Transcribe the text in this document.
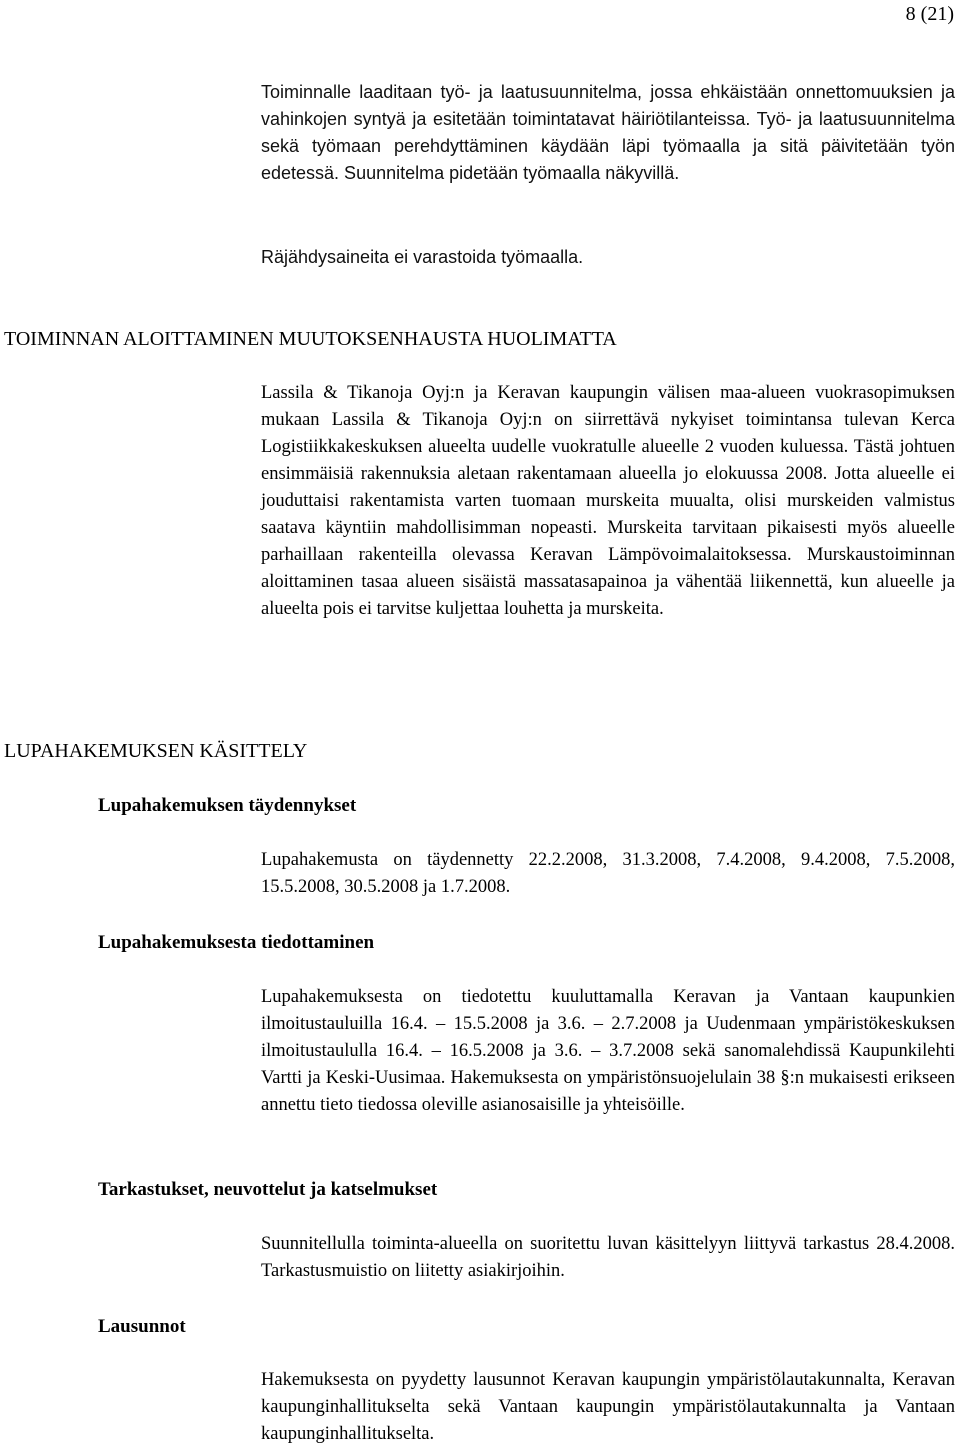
8 (21)

Toiminnalle laaditaan työ- ja laatusuunnitelma, jossa ehkäistään onnettomuuksien ja vahinkojen syntyä ja esitetään toimintatavat häiriötilanteissa. Työ- ja laatusuunnitelma sekä työmaan perehdyttäminen käydään läpi työmaalla ja sitä päivitetään työn edetessä. Suunnitelma pidetään työmaalla näkyvillä.

Räjähdysaineita ei varastoida työmaalla.

TOIMINNAN ALOITTAMINEN MUUTOKSENHAUSTA HUOLIMATTA

Lassila & Tikanoja Oyj:n ja Keravan kaupungin välisen maa-alueen vuokrasopimuksen mukaan Lassila & Tikanoja Oyj:n on siirrettävä nykyiset toimintansa tulevan Kerca Logistiikkakeskuksen alueelta uudelle vuokratulle alueelle 2 vuoden kuluessa. Tästä johtuen ensimmäisiä rakennuksia aletaan rakentamaan alueella jo elokuussa 2008. Jotta alueelle ei jouduttaisi rakentamista varten tuomaan murskeita muualta, olisi murskeiden valmistus saatava käyntiin mahdollisimman nopeasti. Murskeita tarvitaan pikaisesti myös alueelle parhaillaan rakenteilla olevassa Keravan Lämpövoimalaitoksessa. Murskaustoiminnan aloittaminen tasaa alueen sisäistä massatasapainoa ja vähentää liikennettä, kun alueelle ja alueelta pois ei tarvitse kuljettaa louhetta ja murskeita.

LUPAHAKEMUKSEN KÄSITTELY
Lupahakemuksen täydennykset

Lupahakemusta on täydennetty 22.2.2008, 31.3.2008, 7.4.2008, 9.4.2008, 7.5.2008, 15.5.2008, 30.5.2008 ja 1.7.2008.

Lupahakemuksesta tiedottaminen

Lupahakemuksesta on tiedotettu kuuluttamalla Keravan ja Vantaan kaupunkien ilmoitustauluilla 16.4. – 15.5.2008 ja 3.6. – 2.7.2008 ja Uudenmaan ympäristökeskuksen ilmoitustaululla 16.4. – 16.5.2008 ja 3.6. – 3.7.2008 sekä sanomalehdissä Kaupunkilehti Vartti ja Keski-Uusimaa. Hakemuksesta on ympäristönsuojelulain 38 §:n mukaisesti erikseen annettu tieto tiedossa oleville asianosaisille ja yhteisöille.

Tarkastukset, neuvottelut ja katselmukset

Suunnitellulla toiminta-alueella on suoritettu luvan käsittelyyn liittyvä tarkastus 28.4.2008. Tarkastusmuistio on liitetty asiakirjoihin.

Lausunnot

Hakemuksesta on pyydetty lausunnot Keravan kaupungin ympäristölautakunnalta, Keravan kaupunginhallitukselta sekä Vantaan kaupungin ympäristölautakunnalta ja Vantaan kaupunginhallitukselta.
